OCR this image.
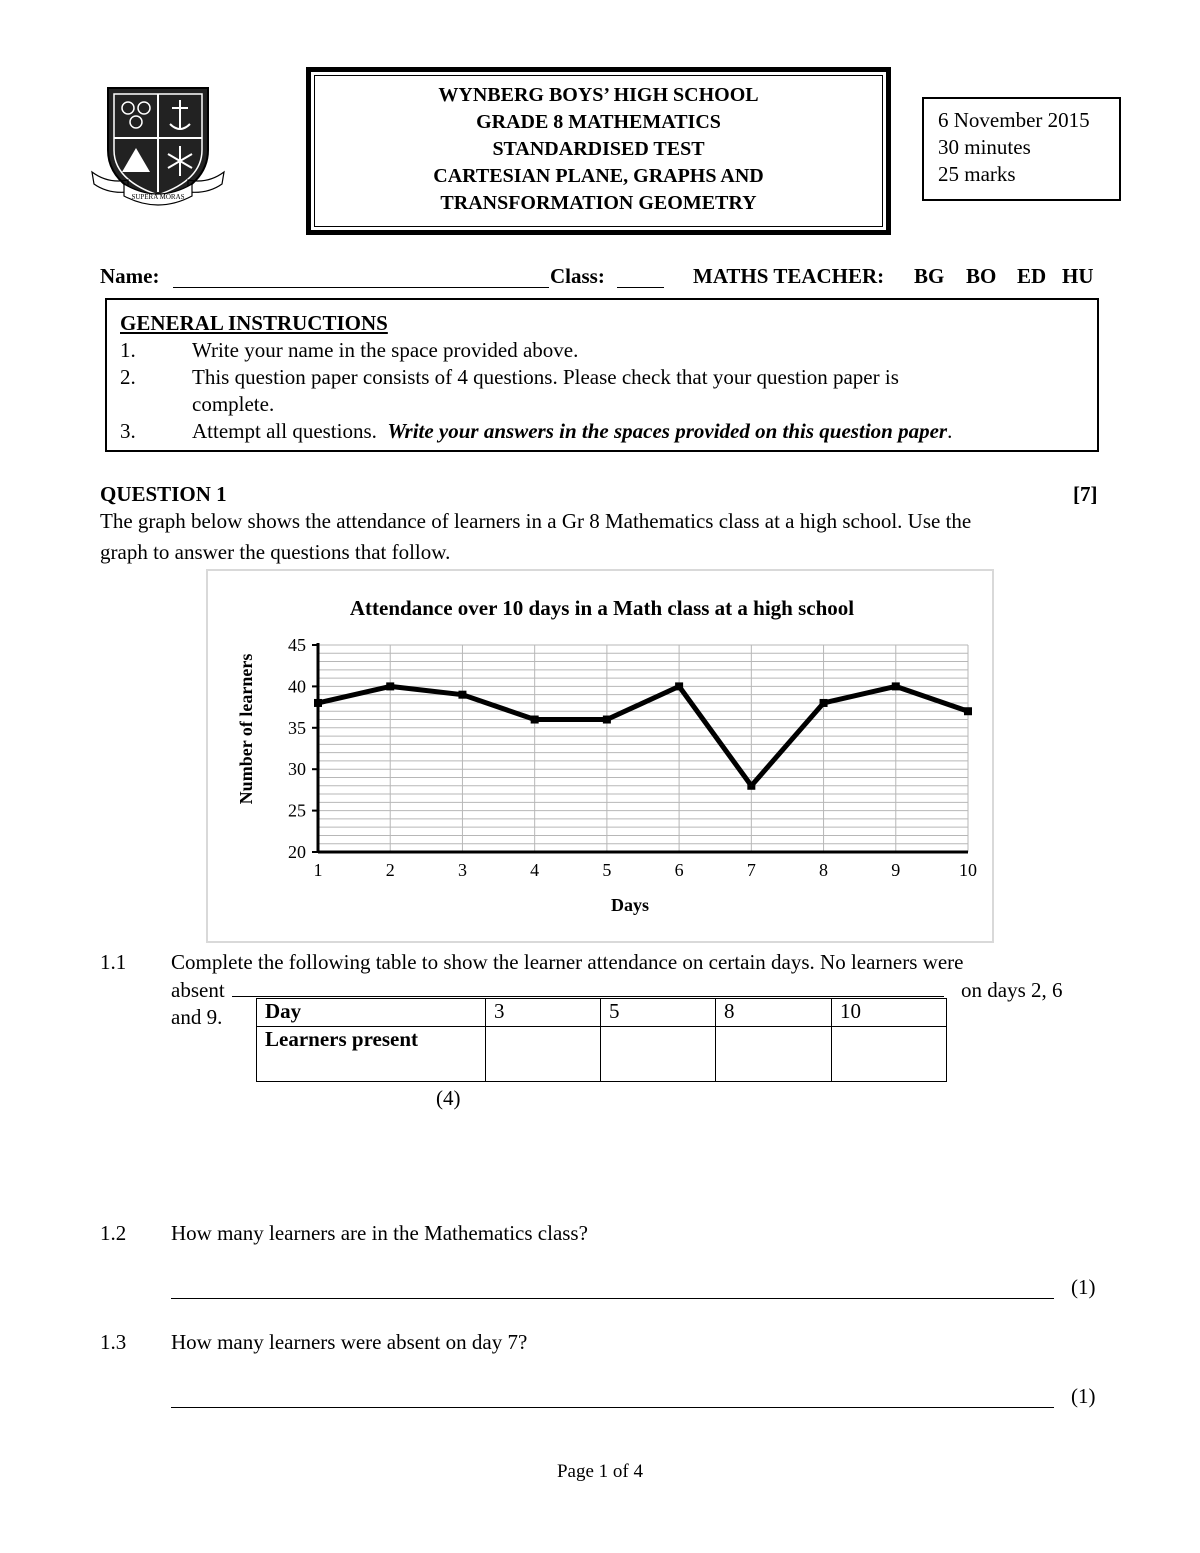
SUPERA MORAS
WYNBERG BOYS’ HIGH SCHOOL
GRADE 8 MATHEMATICS
STANDARDISED TEST
CARTESIAN PLANE, GRAPHS AND
TRANSFORMATION GEOMETRY
6 November 2015
30 minutes
25 marks
Name:	Class:	MATHS TEACHER: BG BO ED HU
GENERAL INSTRUCTIONS
1.	Write your name in the space provided above.
2.	This question paper consists of 4 questions. Please check that your question paper is
complete.
3.	Attempt all questions.  Write your answers in the spaces provided on this question paper.
QUESTION 1	[7]
The graph below shows the attendance of learners in a Gr 8 Mathematics class at a high school. Use the
graph to answer the questions that follow.
Attendance over 10 days in a Math class at a high school
Days
Number of learners
20
25
30
35
40
45
1	2	3	4	5	6	7	8	9	10
1.1 Complete the following table to show the learner attendance on certain days. No learners were
absent	on days 2, 6
and 9. Day	3	5	8	10
Learners present				
(4)
1.2 How many learners are in the Mathematics class?
(1)
1.3 How many learners were absent on day 7?
(1)
Page 1 of 4
